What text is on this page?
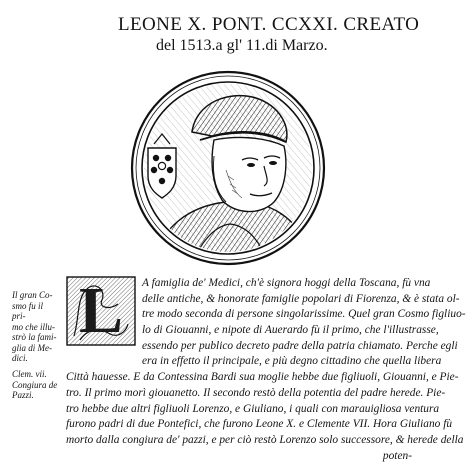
LEONE X. PONT. CCXXI. CREATO
del 1513.a gl' 11.di Marzo.
Il gran Co-
smo fu il pri-
mo che illu-
strò la fami-
glia di Me-
dici.
Clem. vii.
Congiura de
Pazzi.
L	A famiglia de' Medici, ch'è signora hoggi della Toscana, fù vna
delle antiche, & honorate famiglie popolari di Fiorenza, & è stata ol-
tre modo seconda di persone singolarissime. Quel gran Cosmo figliuo-
lo di Giouanni, e nipote di Auerardo fù il primo, che l'illustrasse,
essendo per publico decreto padre della patria chiamato. Perche egli
era in effetto il principale, e più degno cittadino che quella libera
Città hauesse. E da Contessina Bardi sua moglie hebbe due figliuoli, Giouanni, e Pie-
tro. Il primo morì giouanetto. Il secondo restò della potentia del padre herede. Pie-
tro hebbe due altri figliuoli Lorenzo, e Giuliano, i quali con marauigliosa ventura
furono padri di due Pontefici, che furono Leone X. e Clemente VII. Hora Giuliano fù
morto dalla congiura de' pazzi, e per ciò restò Lorenzo solo successore, & herede della
poten-
